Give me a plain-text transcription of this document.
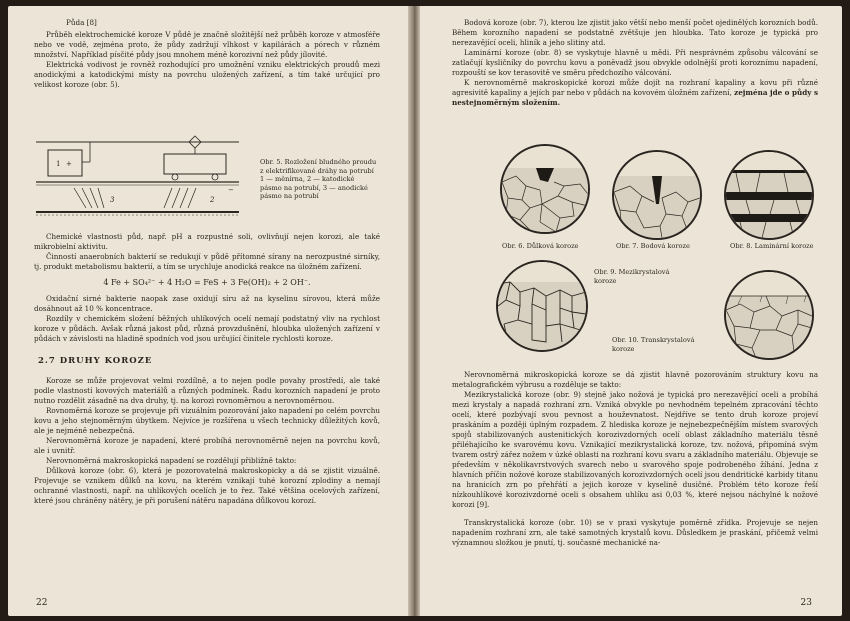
Půda [8]

Průběh elektrochemické koroze V půdě je značně složitější než průběh koroze v atmosféře nebo ve vodě, zejména proto, že půdy zadržují vlhkost v kapilárách a pórech v různém množství. Například písčité půdy jsou mnohem méně korozivní než půdy jílovité.

Elektrická vodivost je rovněž rozhodující pro umožnění vzniku elektrických proudů mezi anodickými a katodickými místy na povrchu uložených zařízení, a tím také určující pro velikost koroze (obr. 5).

1 +
3	2
−
Obr. 5. Rozložení bludného proudu z elektrifikované dráhy na potrubí 1 — měnírna, 2 — katodické pásmo na potrubí, 3 — anodické pásmo na potrubí

Chemické vlastnosti půd, např. pH a rozpustné soli, ovlivňují nejen korozi, ale také mikrobielní aktivitu.

Činností anaerobních bakterií se redukují v půdě přítomné sírany na nerozpustné sirníky, tj. produkt metabolismu bakterií, a tím se urychluje anodická reakce na úložném zařízení.

4 Fe + SO₄²⁻ + 4 H₂O = FeS + 3 Fe(OH)₂ + 2 OH⁻.

Oxidační sirné bakterie naopak zase oxidují síru až na kyselinu sírovou, která může dosáhnout až 10 % koncentrace.

Rozdíly v chemickém složení běžných uhlíkových ocelí nemají podstatný vliv na rychlost koroze v půdách. Avšak různá jakost půd, různá provzdušnění, hloubka uložených zařízení v půdách v závislosti na hladině spodních vod jsou určující činitele rychlosti koroze.

2.7 DRUHY KOROZE

Koroze se může projevovat velmi rozdílně, a to nejen podle povahy prostředí, ale také podle vlastností kovových materiálů a různých podmínek. Řadu korozních napadení je proto nutno rozdělit zásadně na dva druhy, tj. na korozi rovnoměrnou a nerovnoměrnou.

Rovnoměrná koroze se projevuje při vizuálním pozorování jako napadení po celém povrchu kovu a jeho stejnoměrným úbytkem. Nejvíce je rozšířena u všech technicky důležitých kovů, ale je nejméně nebezpečná.

Nerovnoměrná koroze je napadení, které probíhá nerovnoměrně nejen na povrchu kovů, ale i uvnitř.

Nerovnoměrná makroskopická napadení se rozdělují přibližně takto:

Důlková koroze (obr. 6), která je pozorovatelná makroskopicky a dá se zjistit vizuálně. Projevuje se vznikem důlků na kovu, na kterém vznikají tuhé korozní zplodiny a nemají ochranné vlastnosti, např. na uhlíkových ocelích je to řez. Také většina ocelových zařízení, které jsou chráněny nátěry, je při porušení nátěru napadána důlkovou korozí.

22

Bodová koroze (obr. 7), kterou lze zjistit jako větší nebo menší počet ojedinělých korozních bodů. Během korozního napadení se podstatně zvětšuje jen hloubka. Tato koroze je typická pro nerezavějící oceli, hliník a jeho slitiny atd.

Laminární koroze (obr. 8) se vyskytuje hlavně u mědi. Při nesprávném způsobu válcování se zatlačují kysličníky do povrchu kovu a poněvadž jsou obvykle odolnější proti koroznímu napadení, rozpouští se kov terasovitě ve směru předchozího válcování.

K nerovnoměrně makroskopické korozi může dojít na rozhraní kapaliny a kovu při různé agresivitě kapaliny a jejích par nebo v půdách na kovovém úložném zařízení, zejména jde o půdy s nestejnoměrným složením.

Obr. 6. Důlková koroze	Obr. 7. Bodová koroze	Obr. 8. Laminární koroze
Obr. 9. Mezikrystalová koroze
Obr. 10. Transkrystalová koroze

Nerovnoměrná mikroskopická koroze se dá zjistit hlavně pozorováním struktury kovu na metalografickém výbrusu a rozděluje se takto:

Mezikrystalická koroze (obr. 9) stejně jako nožová je typická pro nerezavějící oceli a probíhá mezi krystaly a napadá rozhraní zrn. Vzniká obvykle po nevhodném tepelném zpracování těchto ocelí, které pozbývají svou pevnost a houževnatost. Nejdříve se tento druh koroze projeví praskáním a později úplným rozpadem. Z hlediska koroze je nejnebezpečnějším místem svarových spojů stabilizovaných austenitických korozivzdorných ocelí oblast základního materiálu těsně přiléhajícího ke svarovému kovu. Vznikající mezikrystalická koroze, tzv. nožová, připomíná svým tvarem ostrý zářez nožem v úzké oblasti na rozhraní kovu svaru a základního materiálu. Objevuje se především v několikavrstvových svarech nebo u svarového spoje podrobeného žíhání. Jedna z hlavních příčin nožové koroze stabilizovaných korozivzdorných ocelí jsou dendritické karbidy titanu na hranicích zrn po přehřátí a jejich koroze v kyselině dusičné. Problém této koroze řeší nízkouhlíkové korozivzdorné oceli s obsahem uhlíku asi 0,03 %, které nejsou náchylné k nožové korozi [9].

Transkrystalická koroze (obr. 10) se v praxi vyskytuje poměrně zřídka. Projevuje se nejen napadením rozhraní zrn, ale také samotných krystalů kovu. Důsledkem je praskání, přičemž velmi významnou složkou je pnutí, tj. současné mechanické na-

23
